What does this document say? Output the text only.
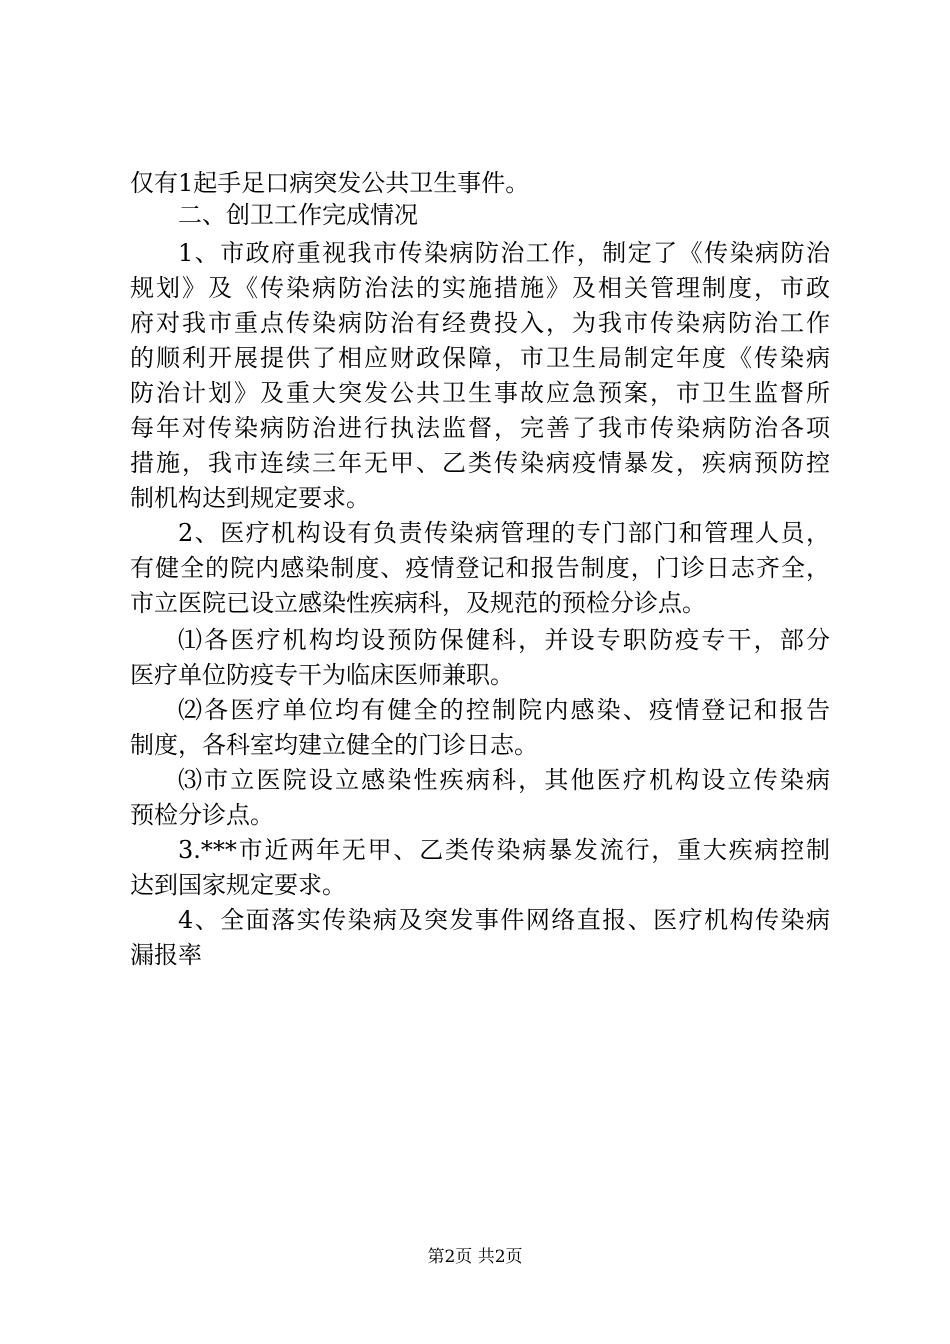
仅有1起手足口病突发公共卫生事件。
二、创卫工作完成情况
1、市政府重视我市传染病防治工作，制定了《传染病防治
规划》及《传染病防治法的实施措施》及相关管理制度，市政
府对我市重点传染病防治有经费投入，为我市传染病防治工作
的顺利开展提供了相应财政保障，市卫生局制定年度《传染病
防治计划》及重大突发公共卫生事故应急预案，市卫生监督所
每年对传染病防治进行执法监督，完善了我市传染病防治各项
措施，我市连续三年无甲、乙类传染病疫情暴发，疾病预防控
制机构达到规定要求。
2、医疗机构设有负责传染病管理的专门部门和管理人员，
有健全的院内感染制度、疫情登记和报告制度，门诊日志齐全，
市立医院已设立感染性疾病科，及规范的预检分诊点。
⑴各医疗机构均设预防保健科，并设专职防疫专干，部分
医疗单位防疫专干为临床医师兼职。
⑵各医疗单位均有健全的控制院内感染、疫情登记和报告
制度，各科室均建立健全的门诊日志。
⑶市立医院设立感染性疾病科，其他医疗机构设立传染病
预检分诊点。
3.***市近两年无甲、乙类传染病暴发流行，重大疾病控制
达到国家规定要求。
4、全面落实传染病及突发事件网络直报、医疗机构传染病
漏报率
第2页 共2页
